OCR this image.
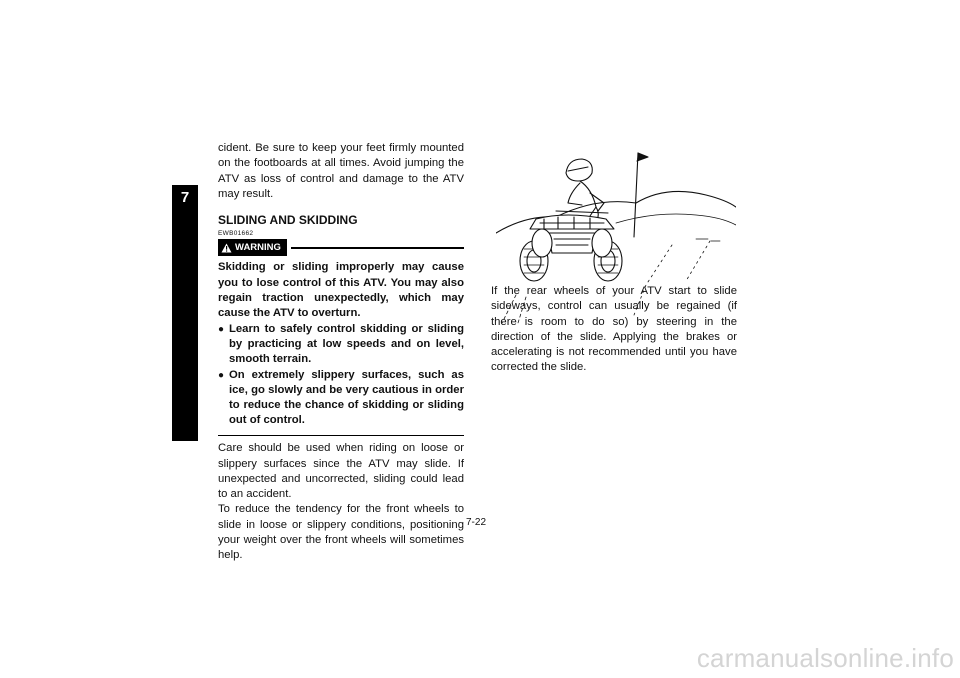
7

cident. Be sure to keep your feet firmly mounted on the footboards at all times. Avoid jumping the ATV as loss of control and damage to the ATV may result.

SLIDING AND SKIDDING
EWB01662
WARNING

Skidding or sliding improperly may cause you to lose control of this ATV. You may also regain traction unexpectedly, which may cause the ATV to overturn.

● Learn to safely control skidding or sliding by practicing at low speeds and on level, smooth terrain.
● On extremely slippery surfaces, such as ice, go slowly and be very cautious in order to reduce the chance of skidding or sliding out of control.

Care should be used when riding on loose or slippery surfaces since the ATV may slide. If unexpected and uncorrected, sliding could lead to an accident.

To reduce the tendency for the front wheels to slide in loose or slippery conditions, positioning your weight over the front wheels will sometimes help.

If the rear wheels of your ATV start to slide sideways, control can usually be regained (if there is room to do so) by steering in the direction of the slide. Applying the brakes or accelerating is not recommended until you have corrected the slide.

7-22
carmanualsonline.info
